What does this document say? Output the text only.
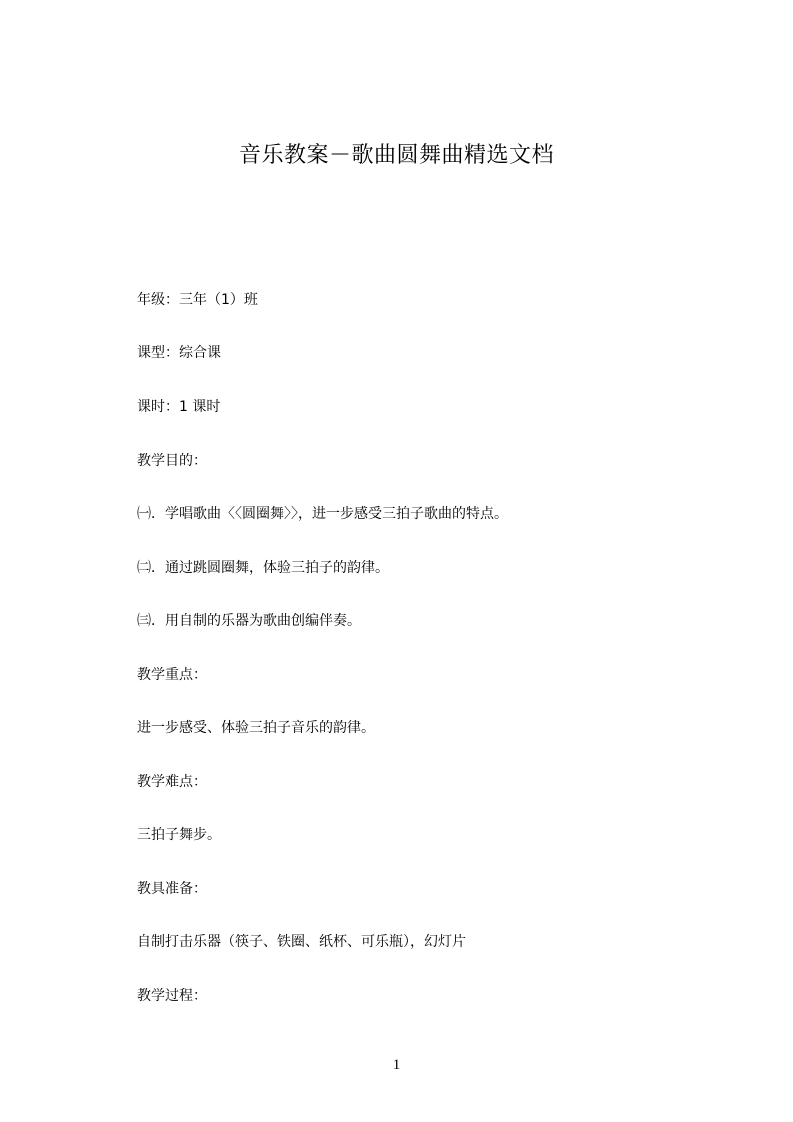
音乐教案－歌曲圆舞曲精选文档
年级：三年（1）班
课型：综合课
课时：1 课时
教学目的：
㈠．学唱歌曲〈〈圆圈舞〉〉，进一步感受三拍子歌曲的特点。
㈡．通过跳圆圈舞，体验三拍子的韵律。
㈢．用自制的乐器为歌曲创编伴奏。
教学重点：
进一步感受、体验三拍子音乐的韵律。
教学难点：
三拍子舞步。
教具准备：
自制打击乐器（筷子、铁圈、纸杯、可乐瓶），幻灯片
教学过程：
1
